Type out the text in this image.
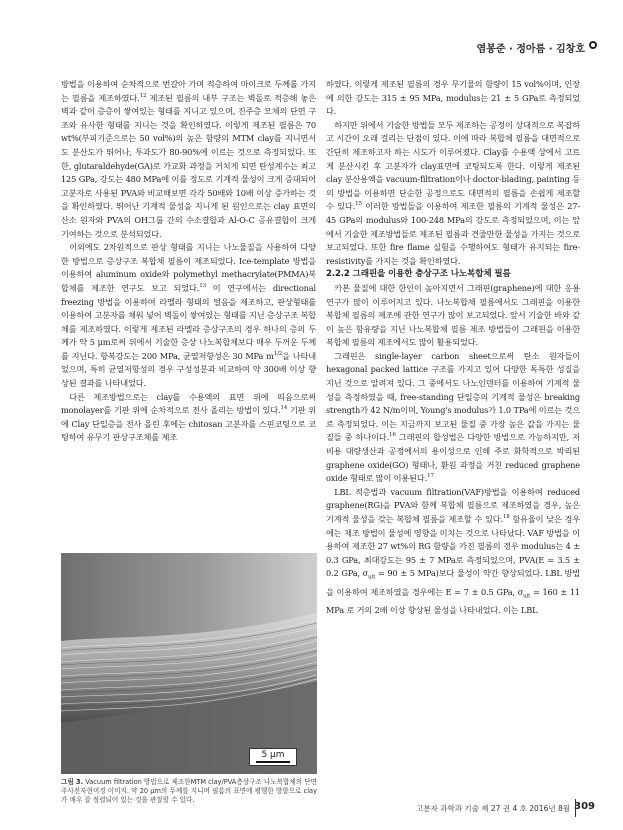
염봉준 · 정아름 · 김창호

방법을 이용하여 순차적으로 번갈아 가며 적층하여 마이크로 두께를 가지는 필름을 제조하였다.$^{12}$ 제조된 필름의 내부 구조는 벽돌로 적층해 놓은 벽과 같이 층층이 쌓여있는 형태를 지니고 있으며, 진주층 모체의 단면 구조와 유사한 형태를 지니는 것을 확인하였다. 이렇게 제조된 필름은 70 wt%(부피기준으로는 50 vol%)의 높은 함량의 MTM clay를 지니면서도 분산도가 뛰어나, 투과도가 80-90%에 이르는 것으로 측정되었다. 또한, glutaraldehyde(GA)로 가교화 과정을 거치게 되면 탄성계수는 최고 125 GPa, 강도는 480 MPa에 이를 정도로 기계적 물성이 크게 증대되어 고분자로 사용된 PVA와 비교해보면 각각 50배와 10배 이상 증가하는 것을 확인하였다. 뛰어난 기계적 물성을 지니게 된 원인으로는 clay 표면의 산소 원자와 PVA의 OH그룹 간의 수소결합과 Al-O-C 공유결합이 크게 기여하는 것으로 분석되었다.

이외에도 2차원적으로 판상 형태를 지니는 나노물질을 사용하여 다양한 방법으로 층상구조 복합체 필름이 제조되었다. Ice-template 방법을 이용하여 aluminum oxide와 polymethyl methacrylate(PMMA)복합체를 제조한 연구도 보고 되었다.$^{13}$ 이 연구에서는 directional freezing 방법을 이용하여 라멜라 형태의 얼음을 제조하고, 판상형태를 이용하여 고분자를 채워 넣어 벽돌이 쌓여있는 형태를 지닌 층상구조 복합체를 제조하였다. 이렇게 제조된 라멜라 층상구조의 경우 하나의 층의 두께가 약 5 μm로써 위에서 기술한 층상 나노복합체보다 매우 두꺼운 두께를 지닌다. 항복강도는 200 MPa, 균열저항성은 30 MPa $m^{1/2}$을 나타내었으며, 특히 균열저항성의 경우 구성성분과 비교하여 약 300배 이상 향상된 결과를 나타내었다.

다른 제조방법으로는 clay를 수용액의 표면 위에 띄음으로써 monolayer를 기판 위에 순차적으로 전사 올리는 방법이 있다.$^{14}$ 기판 위에 Clay 단일층을 전사 올린 후에는 chitosan 고분자를 스핀코팅으로 코팅하여 유무기 판상구조체를 제조

5 μm
그림 3. Vacuum filtration 방법으로 제조한MTM clay/PVA층상구조 나노복합체의 단면 주사전자현미경 이미지. 약 20 μm의 두께를 지니며 필름의 표면에 평행한 방향으로 clay가 매우 잘 정렬되어 있는 것을 관찰할 수 있다.

하였다. 이렇게 제조된 필름의 경우 무기물의 함량이 15 vol%이며, 인장에 의한 강도는 315 ± 95 MPa, modulus는 21 ± 5 GPa로 측정되었다.

하지만 위에서 기술한 방법들 모두 제조하는 공정이 상대적으로 복잡하고 시간이 오래 걸리는 단점이 있다. 이에 따라 복합체 필름을 대면적으로 간단히 제조하고자 하는 시도가 이루어졌다. Clay를 수용액 상에서 고르게 분산시킨 후 고분자가 clay표면에 코팅되도록 한다. 이렇게 제조된 clay 분산용액을 vacuum-filtration이나 doctor-blading, painting 등의 방법을 이용하면 단순한 공정으로도 대면적의 필름을 손쉽게 제조할 수 있다.$^{15}$ 이러한 방법들을 이용하여 제조한 필름의 기계적 물성은 27-45 GPa의 modulus와 100-248 MPa의 강도로 측정되었으며, 이는 앞에서 기술한 제조방법들로 제조된 필름과 견줄만한 물성을 가지는 것으로 보고되었다. 또한 fire flame 실험을 수행하여도 형태가 유지되는 fire-resistivity를 가지는 것을 확인하였다.

2.2.2 그래핀을 이용한 층상구조 나노복합체 필름

카본 물질에 대한 한인이 높아지면서 그래핀(graphene)에 대한 응용 연구가 많이 이루어지고 있다. 나노복합체 필름에서도 그래핀을 이용한 복합체 필름의 제조에 관한 연구가 많이 보고되었다. 앞서 기술한 바와 같이 높은 함유량을 지닌 나노복합체 필름 제조 방법들이 그래핀을 이용한 복합체 필름의 제조에서도 많이 활용되었다.

그래핀은 single-layer carbon sheet으로써 탄소 원자들이 hexagonal packed lattice 구조를 가지고 있어 다양한 독특한 성질을 지닌 것으로 알려져 있다. 그 중에서도 나노인덴터를 이용하여 기계적 물성을 측정하였을 때, free-standing 단일층의 기계적 물성은 breaking strength가 42 N/m이며, Young's modulus가 1.0 TPa에 이르는 것으로 측정되었다. 이는 지금까지 보고된 물질 중 가장 높은 값을 가지는 물질들 중 하나이다.$^{16}$ 그래핀의 합성법은 다양한 방법으로 가능하지만, 저비용 대량생산과 공정에서의 용이성으로 인해 주로 화학적으로 박리된 graphene oxide(GO) 형태나, 환원 과정을 거친 reduced graphene oxide 형태로 많이 이용된다.$^{17}$

LBL 적층법과 vacuum filtration(VAF)방법을 이용하여 reduced graphene(RG)을 PVA와 함께 복합체 필름으로 제조하였을 경우, 높은 기계적 물성을 갖는 복합체 필름을 제조할 수 있다.$^{18}$ 함유율이 낮은 경우에는 제조 방법이 물성에 영향을 미치는 것으로 나타났다. VAF 방법을 이용하여 제조한 27 wt%의 RG 함량을 가진 필름의 경우 modulus는 4 ± 0.3 GPa, 최대강도는 95 ± 7 MPa로 측정되었으며, PVA(E = 3.5 ± 0.2 GPa, $\sigma_{ult} = 90 \pm 5$ MPa)보다 물성이 약간 향상되었다. LBL 방법을 이용하여 제조하였을 경우에는 E = 7 ± 0.5 GPa, $\sigma_{ult} = 160 \pm 11$ MPa 로 거의 2배 이상 향상된 물성을 나타내었다. 이는 LBL

고분자 과학과 기술 제 27 권 4 호 2016년 8월 309
